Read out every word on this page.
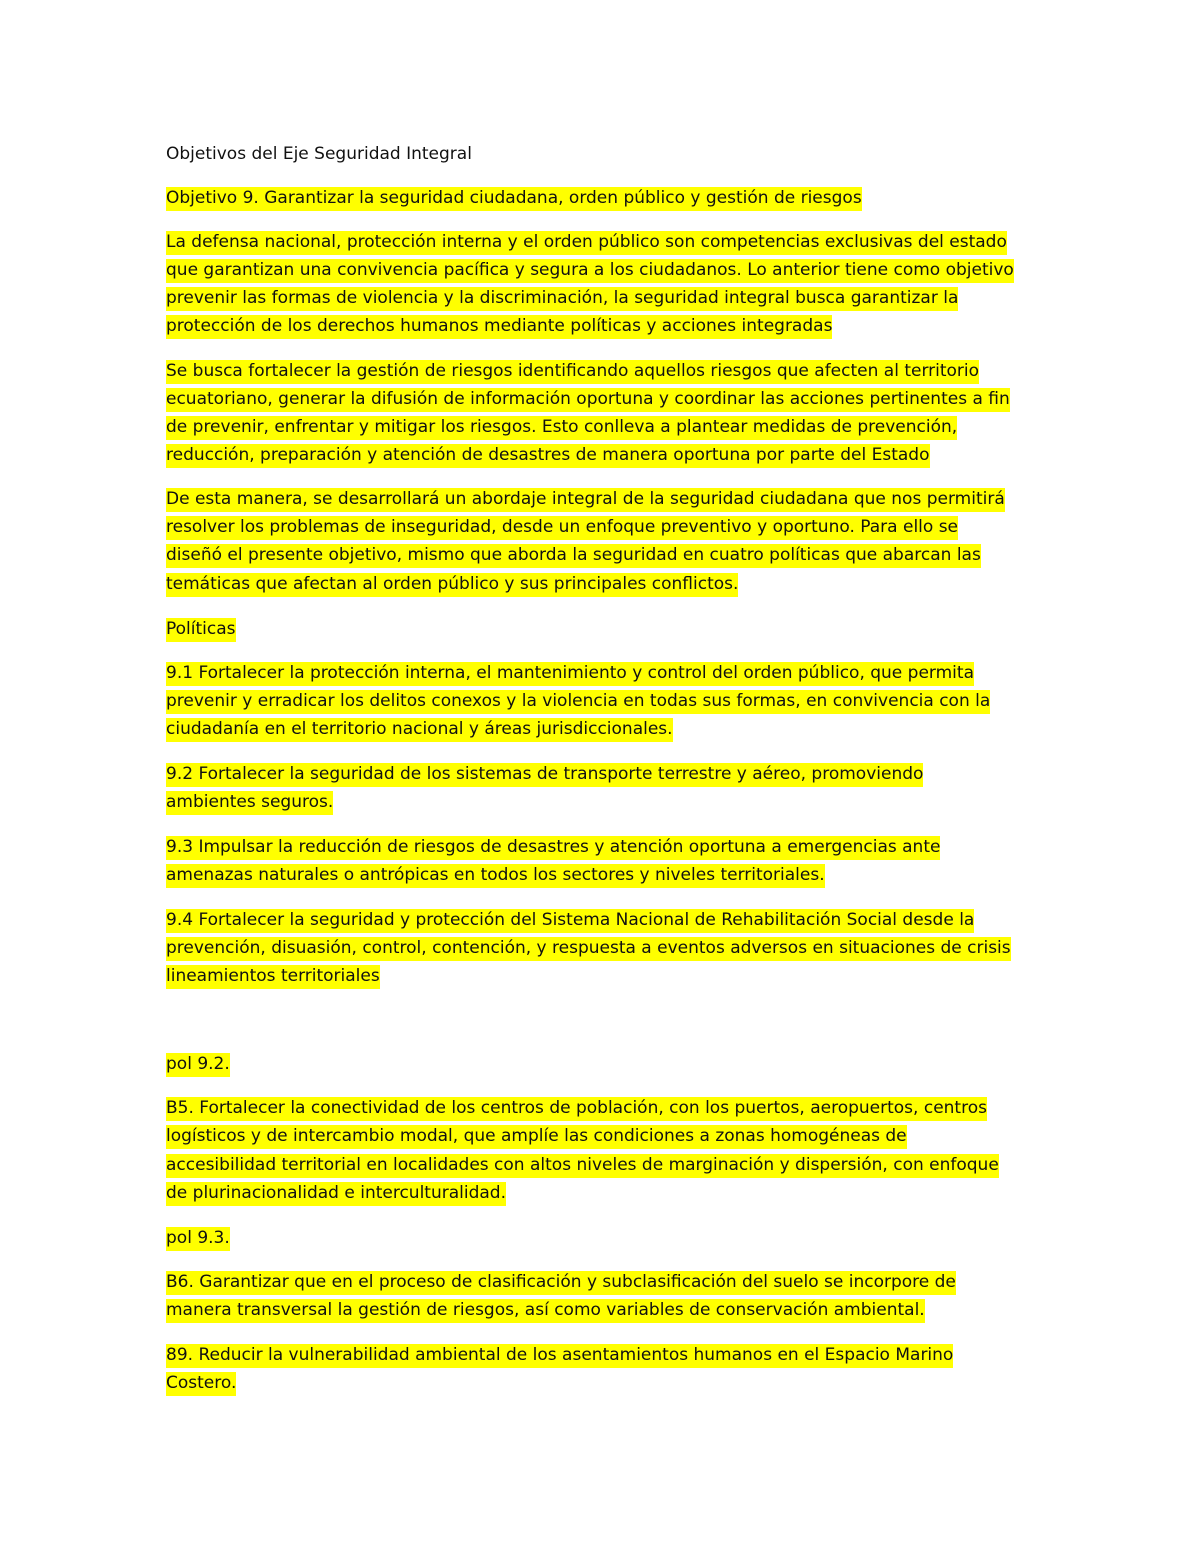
Objetivos del Eje Seguridad Integral
Objetivo 9. Garantizar la seguridad ciudadana, orden público y gestión de riesgos
La defensa nacional, protección interna y el orden público son competencias exclusivas del estado
que garantizan una convivencia pacífica y segura a los ciudadanos. Lo anterior tiene como objetivo
prevenir las formas de violencia y la discriminación, la seguridad integral busca garantizar la
protección de los derechos humanos mediante políticas y acciones integradas
Se busca fortalecer la gestión de riesgos identificando aquellos riesgos que afecten al territorio
ecuatoriano, generar la difusión de información oportuna y coordinar las acciones pertinentes a fin
de prevenir, enfrentar y mitigar los riesgos. Esto conlleva a plantear medidas de prevención,
reducción, preparación y atención de desastres de manera oportuna por parte del Estado
De esta manera, se desarrollará un abordaje integral de la seguridad ciudadana que nos permitirá
resolver los problemas de inseguridad, desde un enfoque preventivo y oportuno. Para ello se
diseñó el presente objetivo, mismo que aborda la seguridad en cuatro políticas que abarcan las
temáticas que afectan al orden público y sus principales conflictos.
Políticas
9.1 Fortalecer la protección interna, el mantenimiento y control del orden público, que permita
prevenir y erradicar los delitos conexos y la violencia en todas sus formas, en convivencia con la
ciudadanía en el territorio nacional y áreas jurisdiccionales.
9.2 Fortalecer la seguridad de los sistemas de transporte terrestre y aéreo, promoviendo
ambientes seguros.
9.3 Impulsar la reducción de riesgos de desastres y atención oportuna a emergencias ante
amenazas naturales o antrópicas en todos los sectores y niveles territoriales.
9.4 Fortalecer la seguridad y protección del Sistema Nacional de Rehabilitación Social desde la
prevención, disuasión, control, contención, y respuesta a eventos adversos en situaciones de crisis
lineamientos territoriales
pol 9.2.
B5. Fortalecer la conectividad de los centros de población, con los puertos, aeropuertos, centros
logísticos y de intercambio modal, que amplíe las condiciones a zonas homogéneas de
accesibilidad territorial en localidades con altos niveles de marginación y dispersión, con enfoque
de plurinacionalidad e interculturalidad.
pol 9.3.
B6. Garantizar que en el proceso de clasificación y subclasificación del suelo se incorpore de
manera transversal la gestión de riesgos, así como variables de conservación ambiental.
89. Reducir la vulnerabilidad ambiental de los asentamientos humanos en el Espacio Marino
Costero.
